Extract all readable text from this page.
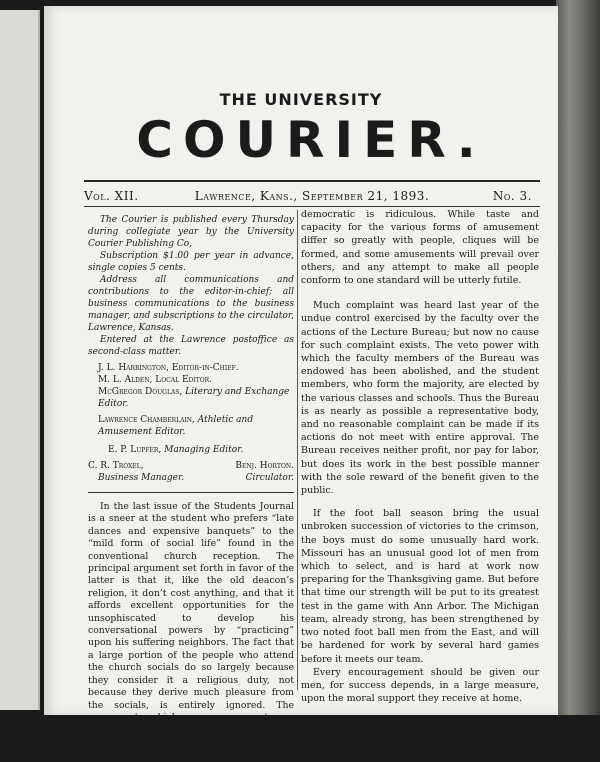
THE UNIVERSITY
COURIER.
Vol. XII.	Lawrence, Kans., September 21, 1893.	No. 3.

The Courier is published every Thursday during collegiate year by the University Courier Publishing Co,

Subscription $1.00 per year in advance, single copies 5 cents.

Address all communications and contributions to the editor-in-chief; all business communications to the business manager, and subscriptions to the circulator, Lawrence, Kansas.

Entered at the Lawrence postoffice as second-class matter.

J. L. Harrington, Editor-in-Chief.
M. L. Alden, Local Editor.
McGregor Douglas, Literary and Exchange Editor.
Lawrence Chamberlain, Athletic and Amusement Editor.
E. P. Lupfer, Managing Editor.
C. R. Troxel,
Business Manager.
Benj. Horton.
Circulator.

In the last issue of the Students Journal is a sneer at the student who prefers “late dances and expensive banquets” to the “mild form of social life” found in the conventional church reception. The principal argument set forth in favor of the latter is that it, like the old deacon’s religion, it don’t cost anything, and that it affords excellent opportunities for the unsophiscated to develop his conversational powers by “practicing” upon his suffering neighbors. The fact that a large portion of the people who attend the church socials do so largely because they consider it a religious duty, not because they derive much pleasure from the socials, is entirely ignored. The excesses to which some amusements are carried are, of course, injurious, and should be deprecated; but any attempt to make the University society entirely

democratic is ridiculous. While taste and capacity for the various forms of amusement differ so greatly with people, cliques will be formed, and some amusements will prevail over others, and any attempt to make all people conform to one standard will be utterly futile.

Much complaint was heard last year of the undue control exercised by the faculty over the actions of the Lecture Bureau; but now no cause for such complaint exists. The veto power with which the faculty members of the Bureau was endowed has been abolished, and the student members, who form the majority, are elected by the various classes and schools. Thus the Bureau is as nearly as possible a representative body, and no reasonable complaint can be made if its actions do not meet with entire approval. The Bureau receives neither profit, nor pay for labor, but does its work in the best possible manner with the sole reward of the benefit given to the public.

If the foot ball season bring the usual unbroken succession of victories to the crimson, the boys must do some unusually hard work. Missouri has an unusual good lot of men from which to select, and is hard at work now preparing for the Thanksgiving game. But before that time our strength will be put to its greatest test in the game with Ann Arbor. The Michigan team, already strong, has been strengthened by two noted foot ball men from the East, and will be hardened for work by several hard games before it meets our team.

Every encouragement should be given our men, for success depends, in a large measure, upon the moral support they receive at home.
